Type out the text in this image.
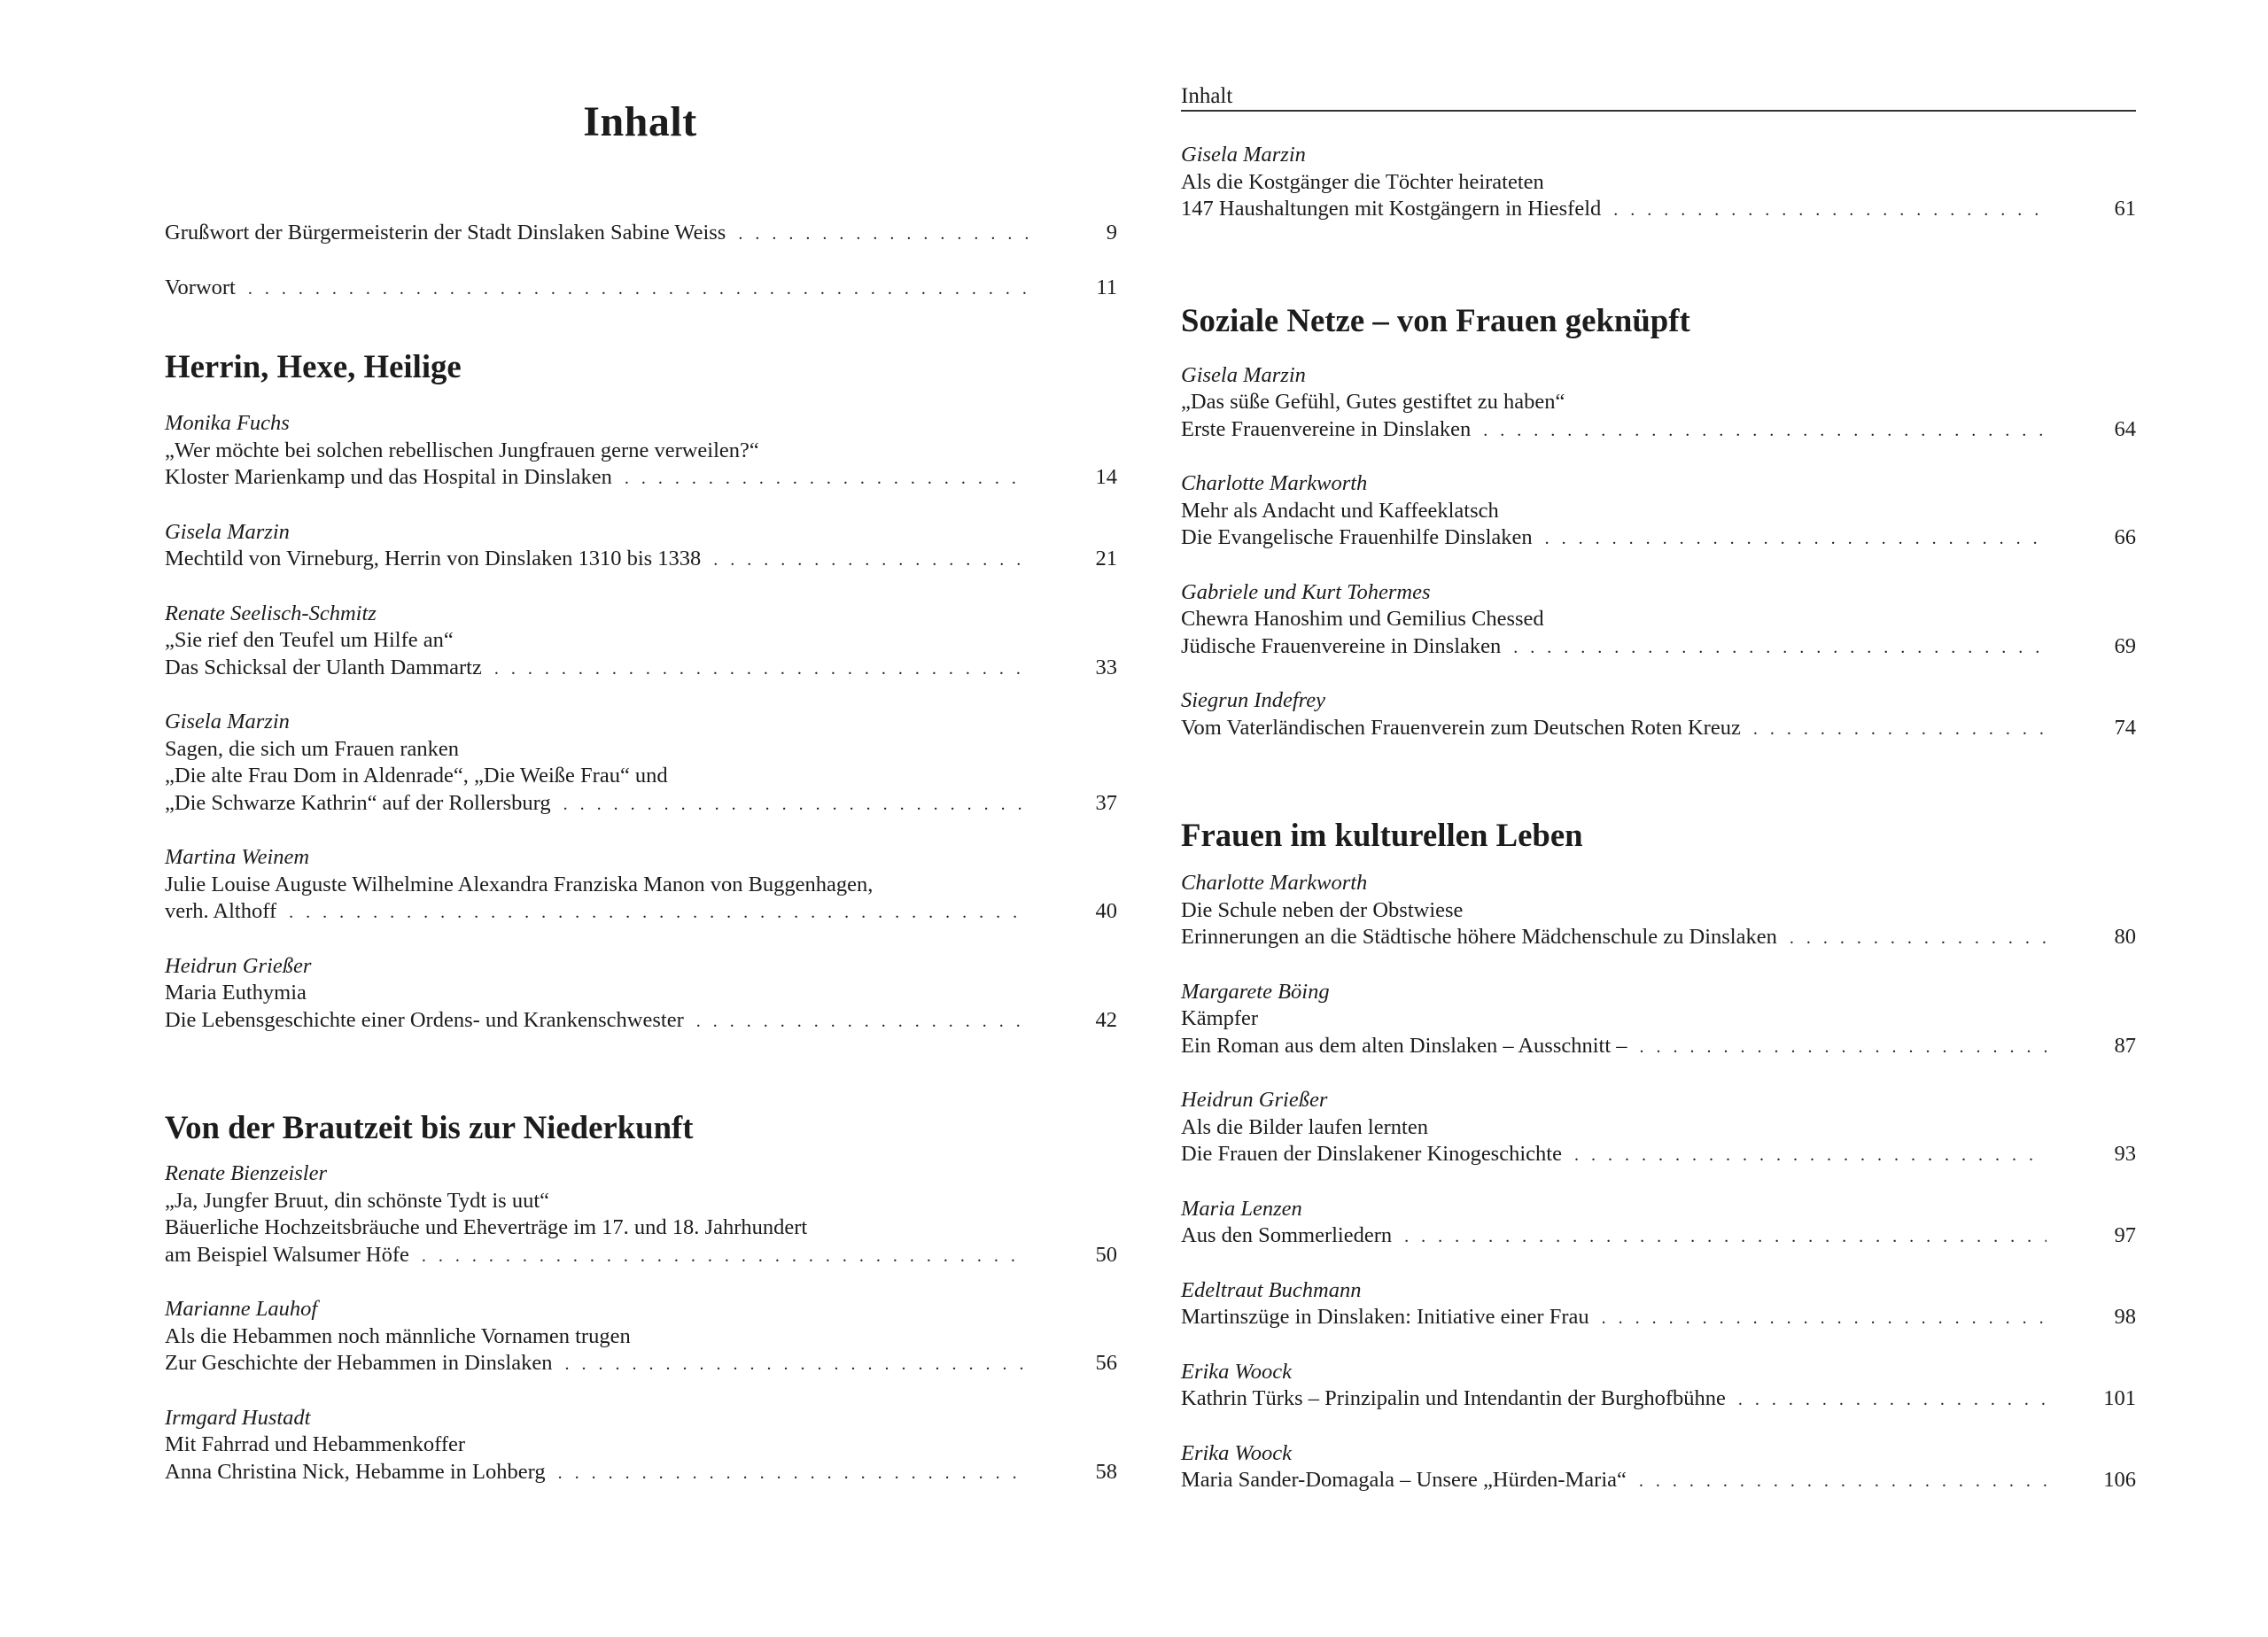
Inhalt
Grußwort der Bürgermeisterin der Stadt Dinslaken Sabine Weiss . . .	9
Vorwort . . .	11
Herrin, Hexe, Heilige
Monika Fuchs
„Wer möchte bei solchen rebellischen Jungfrauen gerne verweilen?“
Kloster Marienkamp und das Hospital in Dinslaken . . .	14
Gisela Marzin
Mechtild von Virneburg, Herrin von Dinslaken 1310 bis 1338 . . .	21
Renate Seelisch-Schmitz
„Sie rief den Teufel um Hilfe an“
Das Schicksal der Ulanth Dammartz . . .	33
Gisela Marzin
Sagen, die sich um Frauen ranken
„Die alte Frau Dom in Aldenrade“, „Die Weiße Frau“ und
„Die Schwarze Kathrin“ auf der Rollersburg . . .	37
Martina Weinem
Julie Louise Auguste Wilhelmine Alexandra Franziska Manon von Buggenhagen,
verh. Althoff . . .	40
Heidrun Grießer
Maria Euthymia
Die Lebensgeschichte einer Ordens- und Krankenschwester . . .	42
Von der Brautzeit bis zur Niederkunft
Renate Bienzeisler
„Ja, Jungfer Bruut, din schönste Tydt is uut“
Bäuerliche Hochzeitsbräuche und Eheverträge im 17. und 18. Jahrhundert
am Beispiel Walsumer Höfe . . .	50
Marianne Lauhof
Als die Hebammen noch männliche Vornamen trugen
Zur Geschichte der Hebammen in Dinslaken . . .	56
Irmgard Hustadt
Mit Fahrrad und Hebammenkoffer
Anna Christina Nick, Hebamme in Lohberg . . .	58
Inhalt
Gisela Marzin
Als die Kostgänger die Töchter heirateten
147 Haushaltungen mit Kostgängern in Hiesfeld . . .	61
Soziale Netze – von Frauen geknüpft
Gisela Marzin
„Das süße Gefühl, Gutes gestiftet zu haben“
Erste Frauenvereine in Dinslaken . . .	64
Charlotte Markworth
Mehr als Andacht und Kaffeeklatsch
Die Evangelische Frauenhilfe Dinslaken . . .	66
Gabriele und Kurt Tohermes
Chewra Hanoshim und Gemilius Chessed
Jüdische Frauenvereine in Dinslaken . . .	69
Siegrun Indefrey
Vom Vaterländischen Frauenverein zum Deutschen Roten Kreuz . . .	74
Frauen im kulturellen Leben
Charlotte Markworth
Die Schule neben der Obstwiese
Erinnerungen an die Städtische höhere Mädchenschule zu Dinslaken . . .	80
Margarete Böing
Kämpfer
Ein Roman aus dem alten Dinslaken – Ausschnitt – . . .	87
Heidrun Grießer
Als die Bilder laufen lernten
Die Frauen der Dinslakener Kinogeschichte . . .	93
Maria Lenzen
Aus den Sommerliedern . . .	97
Edeltraut Buchmann
Martinszüge in Dinslaken: Initiative einer Frau . . .	98
Erika Woock
Kathrin Türks – Prinzipalin und Intendantin der Burghofbühne . . .	101
Erika Woock
Maria Sander-Domagala – Unsere „Hürden-Maria“ . . .	106
